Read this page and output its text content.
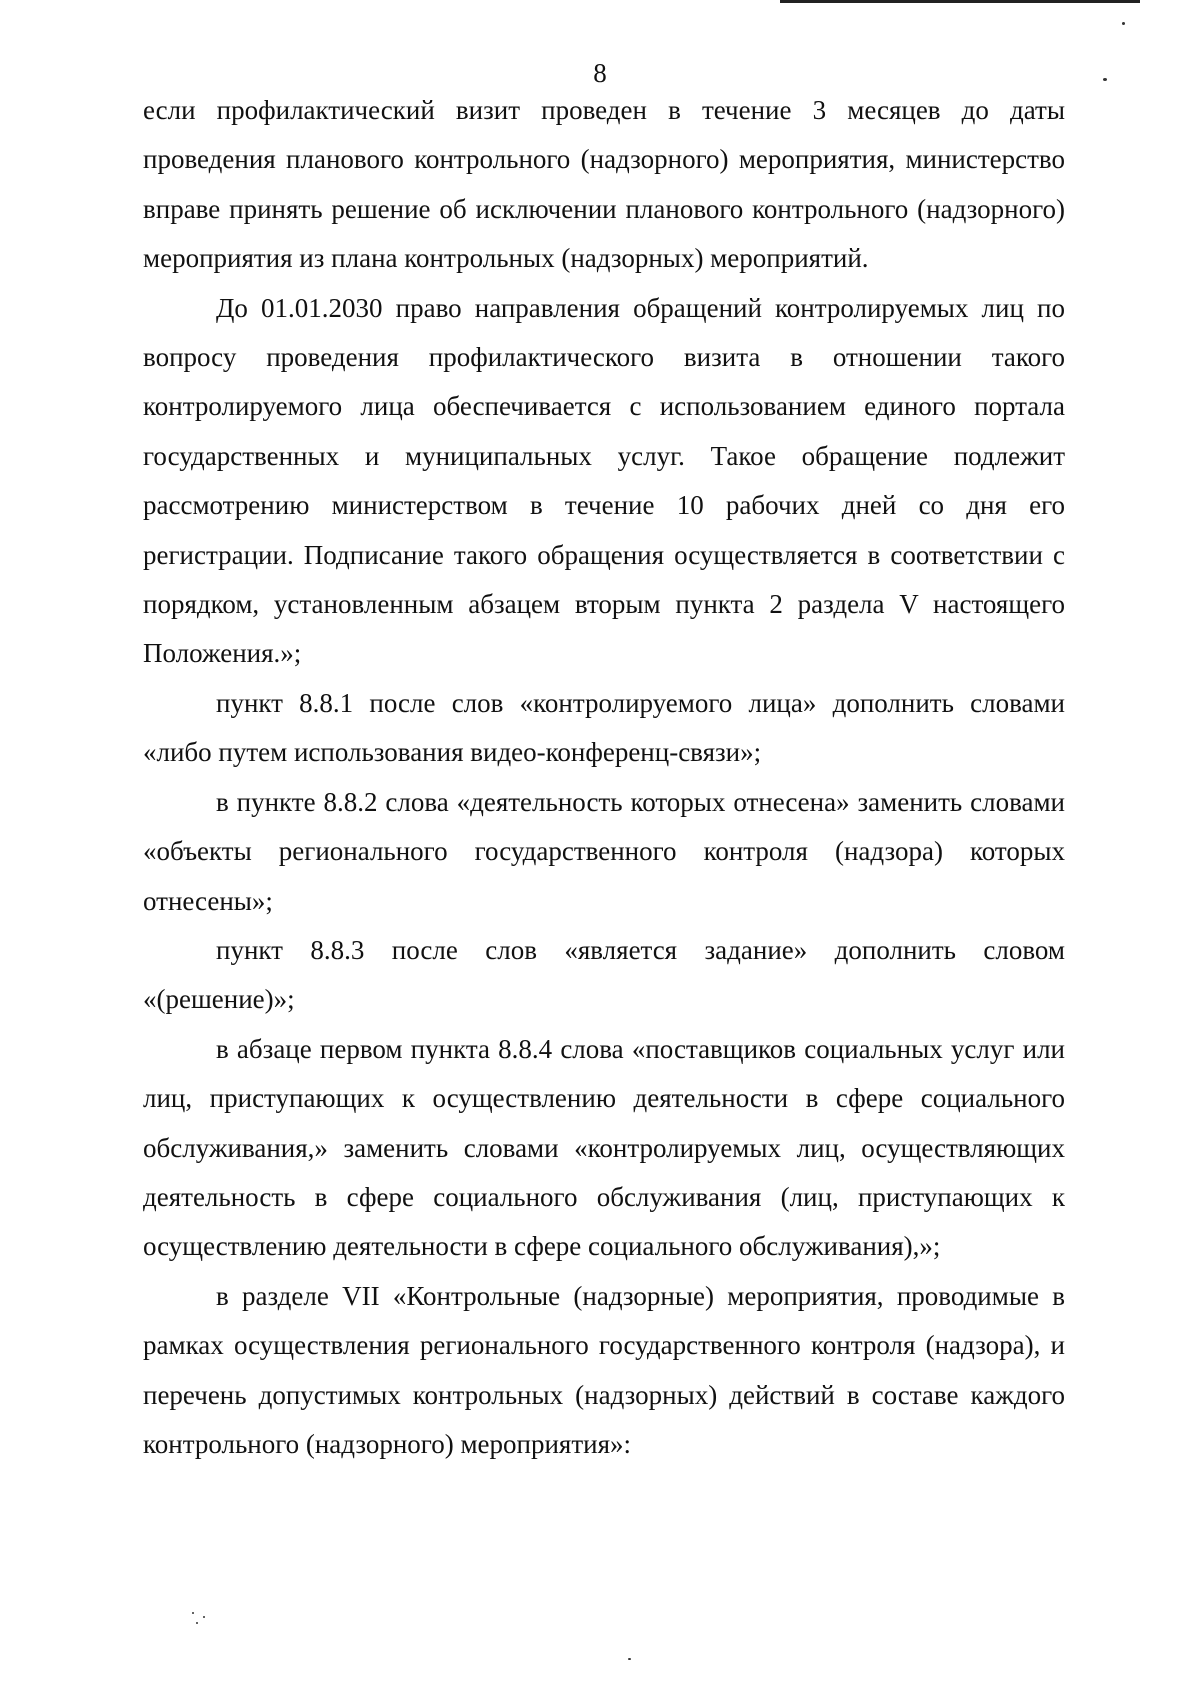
8

если профилактический визит проведен в течение 3 месяцев до даты проведения планового контрольного (надзорного) мероприятия, министерство вправе принять решение об исключении планового контрольного (надзорного) мероприятия из плана контрольных (надзорных) мероприятий.

До 01.01.2030 право направления обращений контролируемых лиц по вопросу проведения профилактического визита в отношении такого контролируемого лица обеспечивается с использованием единого портала государственных и муниципальных услуг. Такое обращение подлежит рассмотрению министерством в течение 10 рабочих дней со дня его регистрации. Подписание такого обращения осуществляется в соответствии с порядком, установленным абзацем вторым пункта 2 раздела V настоящего Положения.»;

пункт 8.8.1 после слов «контролируемого лица» дополнить словами «либо путем использования видео-конференц-связи»;

в пункте 8.8.2 слова «деятельность которых отнесена» заменить словами «объекты регионального государственного контроля (надзора) которых отнесены»;

пункт 8.8.3 после слов «является задание» дополнить словом «(решение)»;

в абзаце первом пункта 8.8.4 слова «поставщиков социальных услуг или лиц, приступающих к осуществлению деятельности в сфере социального обслуживания,» заменить словами «контролируемых лиц, осуществляющих деятельность в сфере социального обслуживания (лиц, приступающих к осуществлению деятельности в сфере социального обслуживания),»;

в разделе VII «Контрольные (надзорные) мероприятия, проводимые в рамках осуществления регионального государственного контроля (надзора), и перечень допустимых контрольных (надзорных) действий в составе каждого контрольного (надзорного) мероприятия»:
